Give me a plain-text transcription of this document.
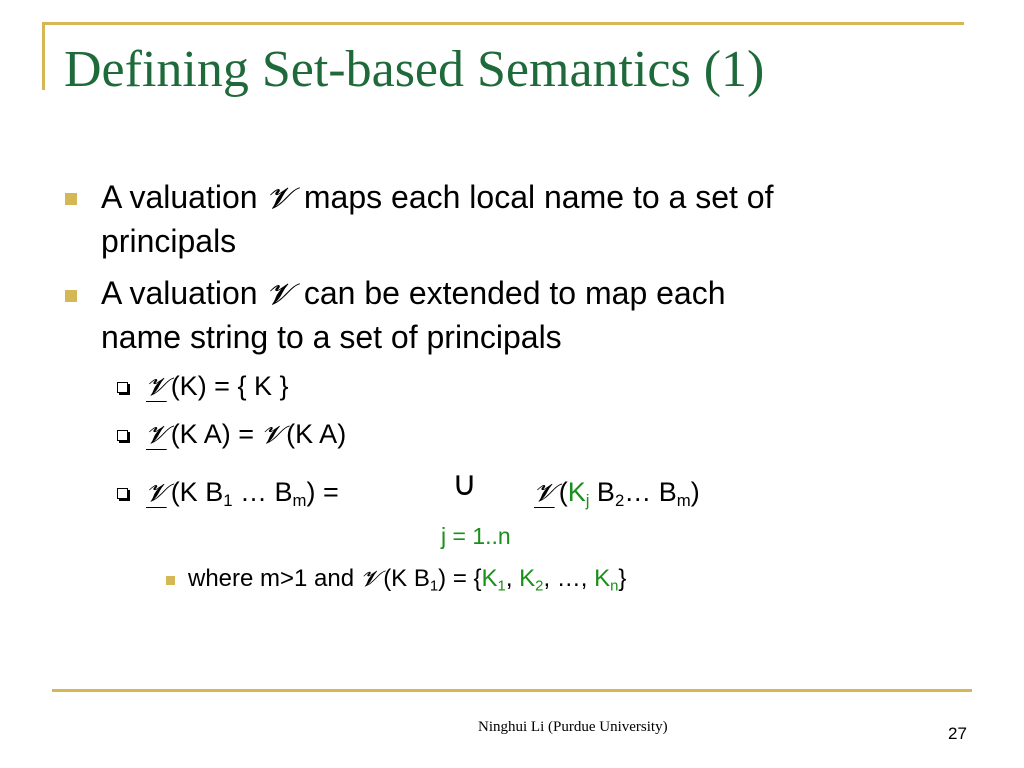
Defining Set-based Semantics (1)
A valuation 𝓥 maps each local name to a set of
principals
A valuation 𝓥 can be extended to map each
name string to a set of principals
𝓥 (K) = { K }
𝓥 (K A) = 𝓥 (K A)
𝓥 (K $B_1$ … $B_m$) =	∪ 𝓥 ($K_j$ $B_2\dots$ $B_m$)
j = 1..n
where m>1 and 𝓥 (K $B_1) = \{K_1$, $K_2$, …, $K_n$}
Ninghui Li (Purdue University)	27
